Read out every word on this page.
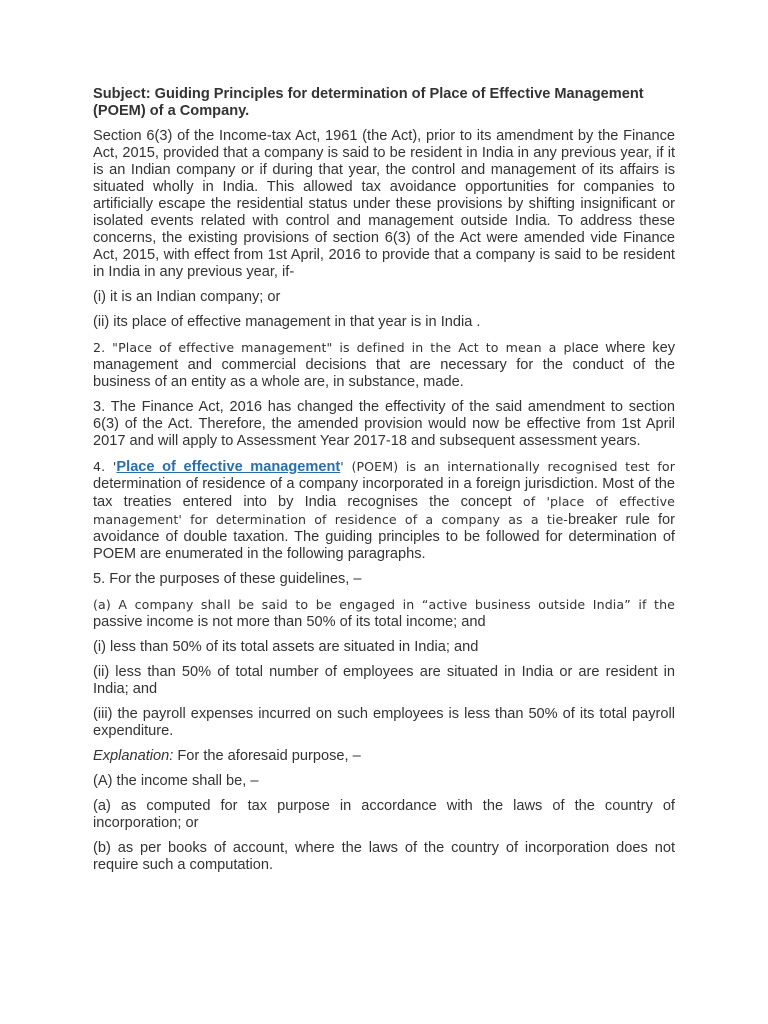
Subject: Guiding Principles for determination of Place of Effective Management (POEM) of a Company.

Section 6(3) of the Income-tax Act, 1961 (the Act), prior to its amendment by the Finance Act, 2015, provided that a company is said to be resident in India in any previous year, if it is an Indian company or if during that year, the control and management of its affairs is situated wholly in India. This allowed tax avoidance opportunities for companies to artificially escape the residential status under these provisions by shifting insignificant or isolated events related with control and management outside India. To address these concerns, the existing provisions of section 6(3) of the Act were amended vide Finance Act, 2015, with effect from 1st April, 2016 to provide that a company is said to be resident in India in any previous year, if-

(i) it is an Indian company; or

(ii) its place of effective management in that year is in India .

2. "Place of effective management" is defined in the Act to mean a place where key management and commercial decisions that are necessary for the conduct of the business of an entity as a whole are, in substance, made.

3. The Finance Act, 2016 has changed the effectivity of the said amendment to section 6(3) of the Act. Therefore, the amended provision would now be effective from 1st April 2017 and will apply to Assessment Year 2017-18 and subsequent assessment years.

4. 'Place of effective management' (POEM) is an internationally recognised test for determination of residence of a company incorporated in a foreign jurisdiction. Most of the tax treaties entered into by India recognises the concept of 'place of effective management' for determination of residence of a company as a tie-breaker rule for avoidance of double taxation. The guiding principles to be followed for determination of POEM are enumerated in the following paragraphs.

5. For the purposes of these guidelines, –

(a) A company shall be said to be engaged in “active business outside India” if the passive income is not more than 50% of its total income; and

(i) less than 50% of its total assets are situated in India; and

(ii) less than 50% of total number of employees are situated in India or are resident in India; and

(iii) the payroll expenses incurred on such employees is less than 50% of its total payroll expenditure.

Explanation: For the aforesaid purpose, –

(A) the income shall be, –

(a) as computed for tax purpose in accordance with the laws of the country of incorporation; or

(b) as per books of account, where the laws of the country of incorporation does not require such a computation.
